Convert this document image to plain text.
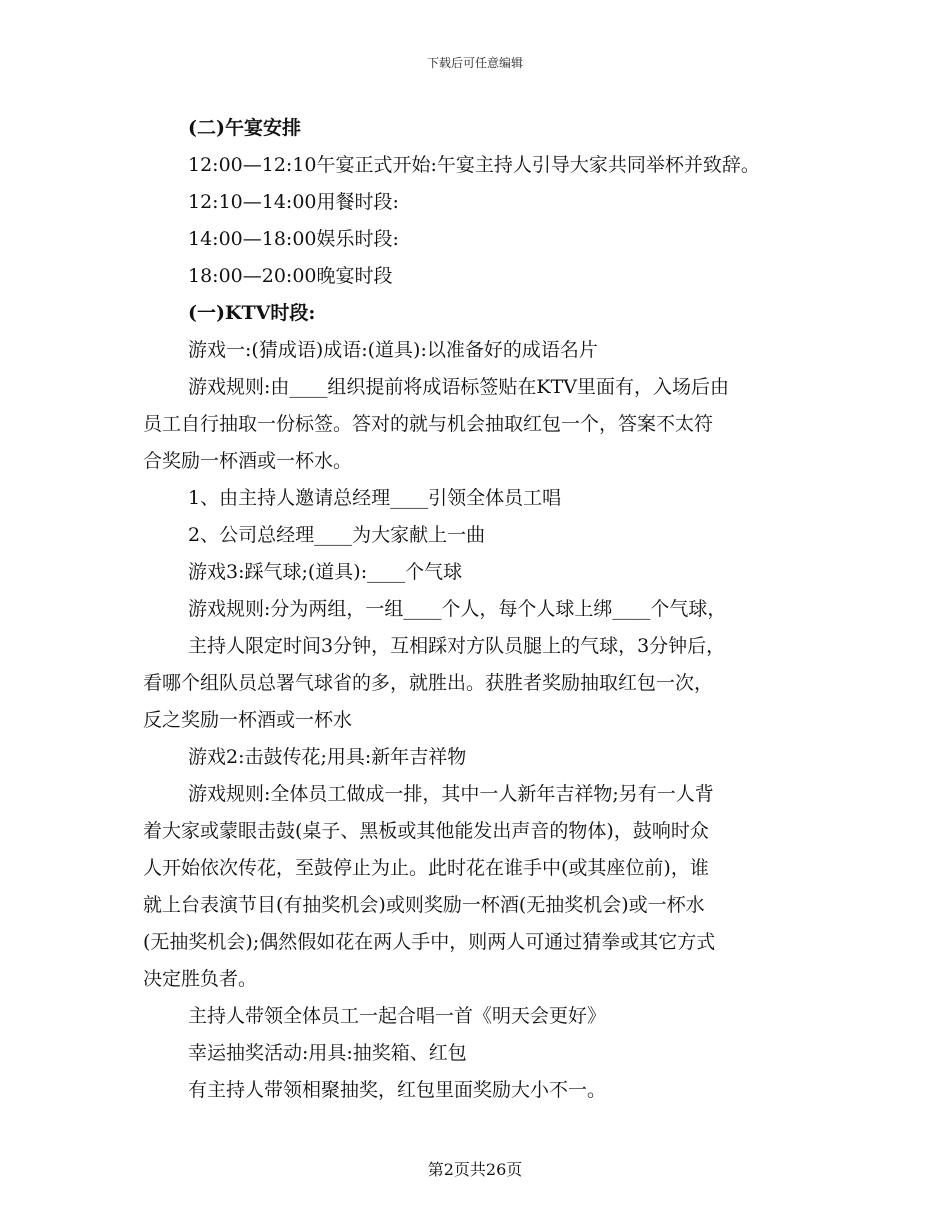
下载后可任意编辑
(二)午宴安排
12:00—12:10午宴正式开始:午宴主持人引导大家共同举杯并致辞。
12:10—14:00用餐时段:
14:00—18:00娱乐时段:
18:00—20:00晚宴时段
(一)KTV时段:
游戏一:(猜成语)成语:(道具):以准备好的成语名片
游戏规则:由____组织提前将成语标签贴在KTV里面有，入场后由
员工自行抽取一份标签。答对的就与机会抽取红包一个，答案不太符
合奖励一杯酒或一杯水。
1、由主持人邀请总经理____引领全体员工唱
2、公司总经理____为大家献上一曲
游戏3:踩气球;(道具):____个气球
游戏规则:分为两组，一组____个人，每个人球上绑____个气球，
主持人限定时间3分钟，互相踩对方队员腿上的气球，3分钟后，
看哪个组队员总署气球省的多，就胜出。获胜者奖励抽取红包一次，
反之奖励一杯酒或一杯水
游戏2:击鼓传花;用具:新年吉祥物
游戏规则:全体员工做成一排，其中一人新年吉祥物;另有一人背
着大家或蒙眼击鼓(桌子、黑板或其他能发出声音的物体)，鼓响时众
人开始依次传花，至鼓停止为止。此时花在谁手中(或其座位前)，谁
就上台表演节目(有抽奖机会)或则奖励一杯酒(无抽奖机会)或一杯水
(无抽奖机会);偶然假如花在两人手中，则两人可通过猜拳或其它方式
决定胜负者。
主持人带领全体员工一起合唱一首《明天会更好》
幸运抽奖活动:用具:抽奖箱、红包
有主持人带领相聚抽奖，红包里面奖励大小不一。
第2页共26页
